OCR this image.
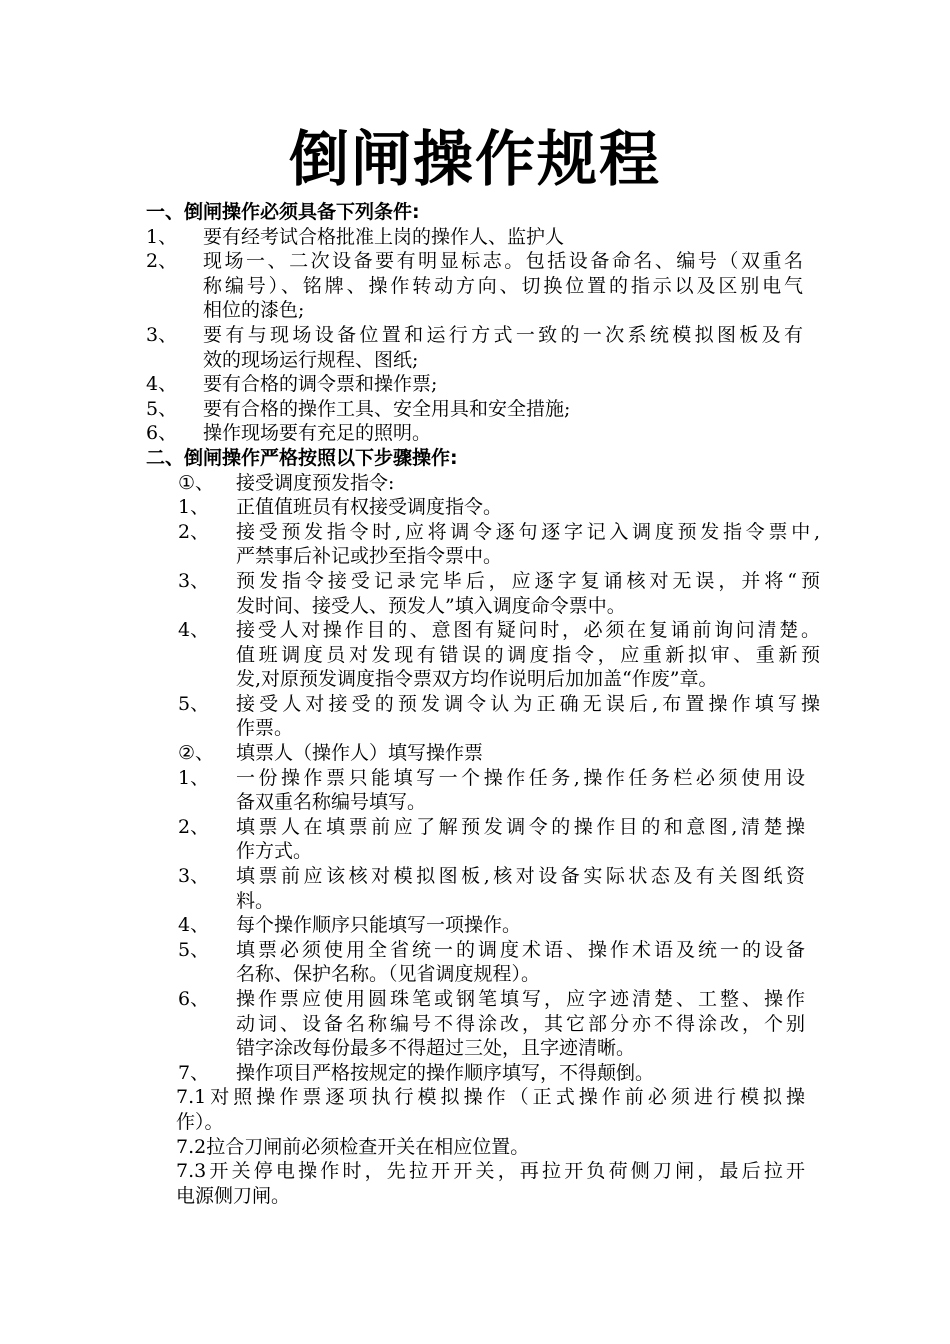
倒闸操作规程
一、倒闸操作必须具备下列条件:
1、 要有经考试合格批准上岗的操作人、监护人
2、 现场一、二次设备要有明显标志。包括设备命名、编号（双重名
称编号）、铭牌、操作转动方向、切换位置的指示以及区别电气
相位的漆色;
3、 要有与现场设备位置和运行方式一致的一次系统模拟图板及有
效的现场运行规程、图纸;
4、 要有合格的调令票和操作票;
5、 要有合格的操作工具、安全用具和安全措施;
6、 操作现场要有充足的照明。
二、倒闸操作严格按照以下步骤操作:
①、 接受调度预发指令:
1、 正值值班员有权接受调度指令。
2、 接受预发指令时,应将调令逐句逐字记入调度预发指令票中,
严禁事后补记或抄至指令票中。
3、 预发指令接受记录完毕后，应逐字复诵核对无误，并将“预
发时间、接受人、预发人”填入调度命令票中。
4、 接受人对操作目的、意图有疑问时，必须在复诵前询问清楚。
值班调度员对发现有错误的调度指令，应重新拟审、重新预
发,对原预发调度指令票双方均作说明后加加盖“作废”章。
5、 接受人对接受的预发调令认为正确无误后,布置操作填写操
作票。
②、 填票人（操作人）填写操作票
1、 一份操作票只能填写一个操作任务,操作任务栏必须使用设
备双重名称编号填写。
2、 填票人在填票前应了解预发调令的操作目的和意图,清楚操
作方式。
3、 填票前应该核对模拟图板,核对设备实际状态及有关图纸资
料。
4、 每个操作顺序只能填写一项操作。
5、 填票必须使用全省统一的调度术语、操作术语及统一的设备
名称、保护名称。（见省调度规程）。
6、 操作票应使用圆珠笔或钢笔填写，应字迹清楚、工整、操作
动词、设备名称编号不得涂改，其它部分亦不得涂改，个别
错字涂改每份最多不得超过三处，且字迹清晰。
7、 操作项目严格按规定的操作顺序填写，不得颠倒。
7.1对照操作票逐项执行模拟操作（正式操作前必须进行模拟操
作）。
7.2拉合刀闸前必须检查开关在相应位置。
7.3开关停电操作时，先拉开开关，再拉开负荷侧刀闸，最后拉开
电源侧刀闸。
